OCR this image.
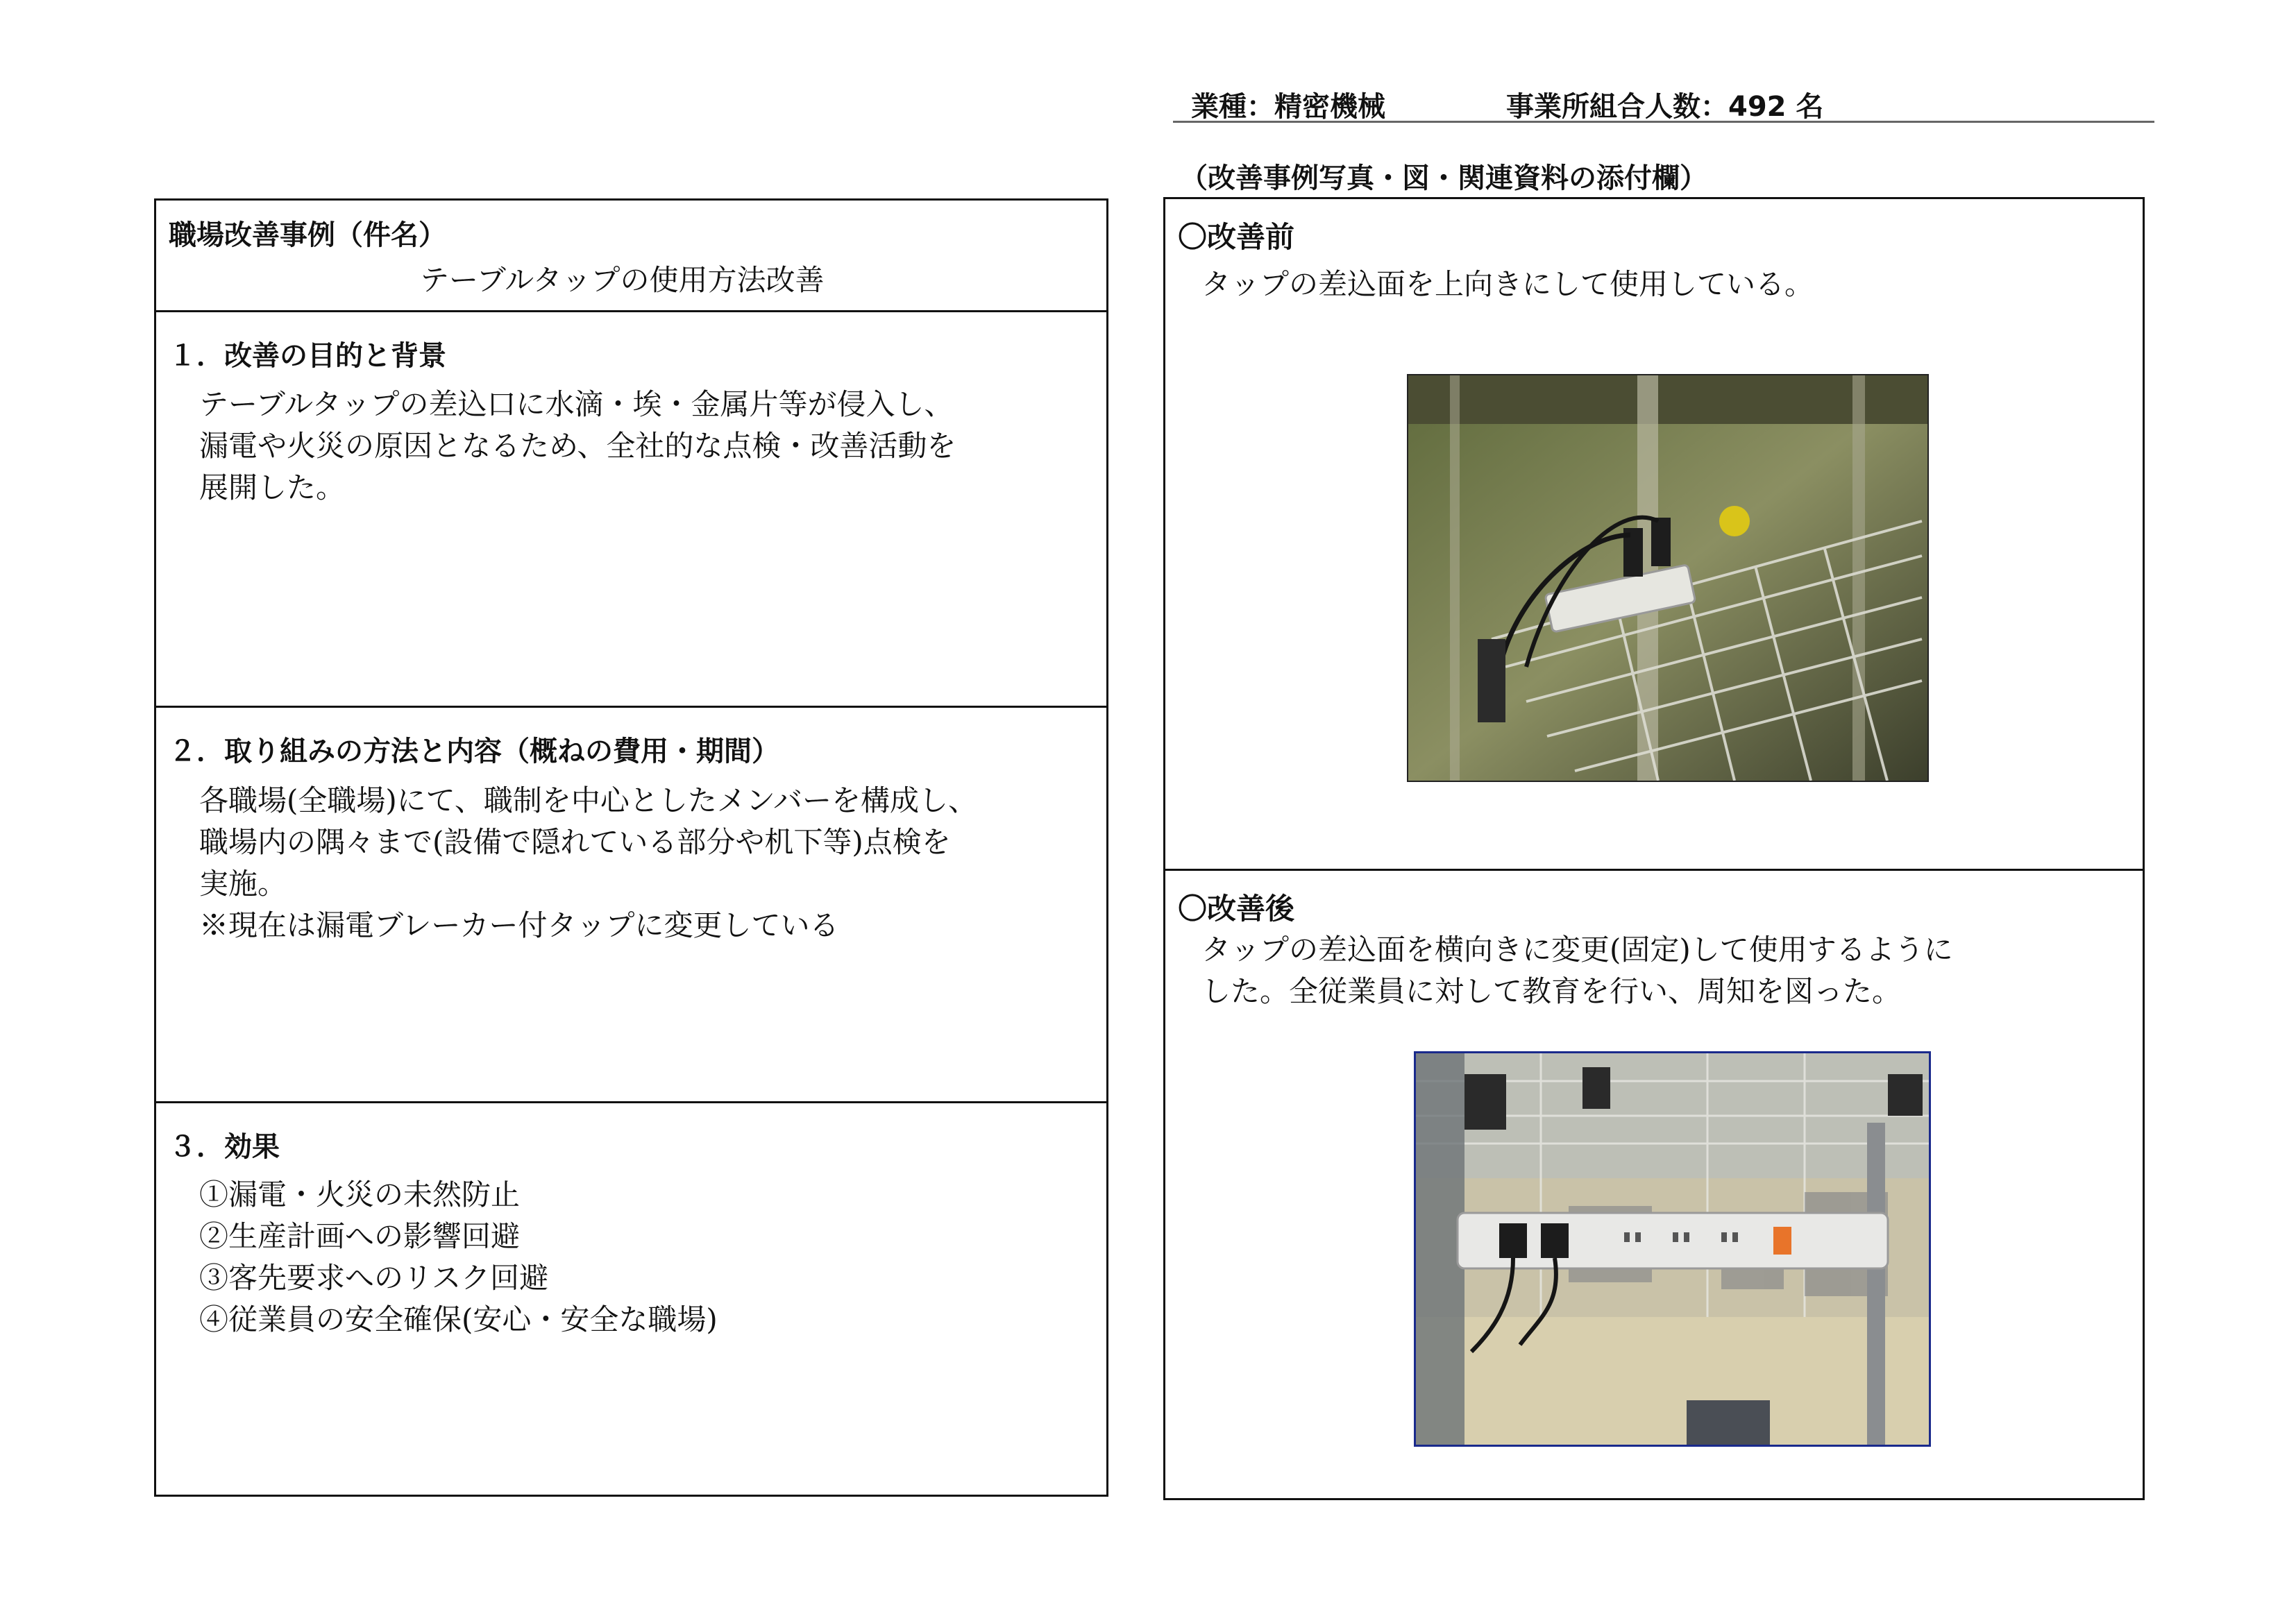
業種：精密機械	事業所組合人数：492 名
（改善事例写真・図・関連資料の添付欄）
職場改善事例（件名）
テーブルタップの使用方法改善
１．改善の目的と背景
テーブルタップの差込口に水滴・埃・金属片等が侵入し、
漏電や火災の原因となるため、全社的な点検・改善活動を
展開した。
２．取り組みの方法と内容（概ねの費用・期間）
各職場(全職場)にて、職制を中心としたメンバーを構成し、
職場内の隅々まで(設備で隠れている部分や机下等)点検を
実施。
※現在は漏電ブレーカー付タップに変更している
３．効果
①漏電・火災の未然防止
②生産計画への影響回避
③客先要求へのリスク回避
④従業員の安全確保(安心・安全な職場)
〇改善前
タップの差込面を上向きにして使用している。
〇改善後
タップの差込面を横向きに変更(固定)して使用するように
した。全従業員に対して教育を行い、周知を図った。
